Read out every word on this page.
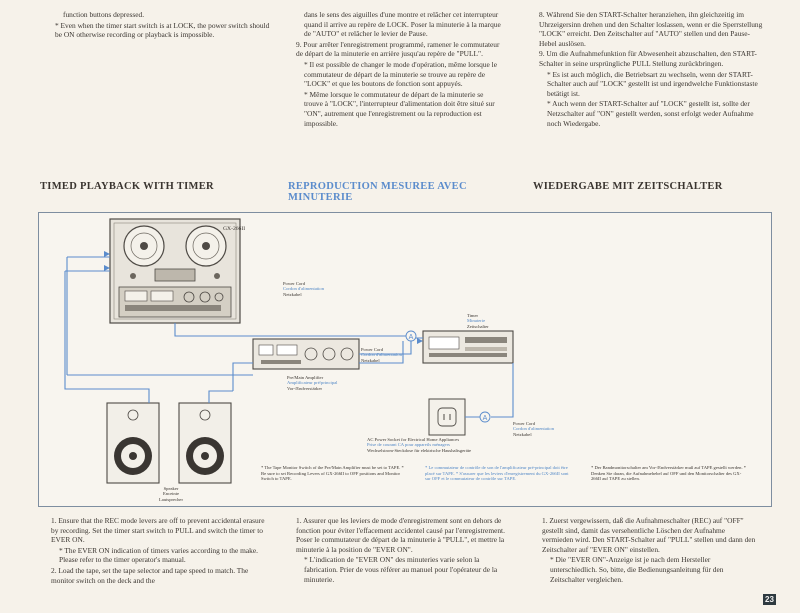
function buttons depressed.

* Even when the timer start switch is at LOCK, the power switch should be ON otherwise recording or playback is impossible.

dans le sens des aiguilles d'une montre et relâcher cet interrupteur quand il arrive au repère de LOCK. Poser la minuterie à la marque de "AUTO" et relâcher le levier de Pause.

9. Pour arrêter l'enregistrement programmé, ramener le commutateur de départ de la minuterie en arrière jusqu'au repère de "PULL".

* Il est possible de changer le mode d'opération, même lorsque le commutateur de départ de la minuterie se trouve au repère de "LOCK" et que les boutons de fonction sont appuyés.

* Même lorsque le commutateur de départ de la minuterie se trouve à "LOCK", l'interrupteur d'alimentation doit être situé sur "ON", autrement que l'enregistrement ou la reproduction est impossible.

8. Während Sie den START-Schalter heranziehen, ihn gleichzeitig im Uhrzeigersinn drehen und den Schalter loslassen, wenn er die Sperrstellung "LOCK" erreicht. Den Zeitschalter auf "AUTO" stellen und den Pause-Hebel auslösen.

9. Um die Aufnahmefunktion für Abwesenheit abzuschalten, den START-Schalter in seine ursprüngliche PULL Stellung zurückbringen.

* Es ist auch möglich, die Betriebsart zu wechseln, wenn der START-Schalter auch auf "LOCK" gestellt ist und irgendwelche Funktionstaste betätigt ist.

* Auch wenn der START-Schalter auf "LOCK" gestellt ist, sollte der Netzschalter auf "ON" gestellt werden, sonst erfolgt weder Aufnahme noch Wiedergabe.

TIMED PLAYBACK WITH TIMER	REPRODUCTION MESUREE AVEC
MINUTERIE
WIEDERGABE MIT ZEITSCHALTER
A
A
GX-266II
Power Cord
Cordon d'alimentation
Netzkabel
Timer
Minuterie
Zeitschalter
Power Cord
Cordon d'alimentation
Netzkabel
Pre/Main Amplifier
Amplificateur pré/principal
Vor-/Endverstärker
Power Cord
Cordon d'alimentation
Netzkabel
AC Power Socket for Electrical Home Appliances
Prise de courant CA pour appareils ménagers
Wechselstrom-Steckdose für elektrische Haushaltsgeräte
Speaker
Enceinte
Lautsprecher
* The Tape Monitor Switch of the Pre/Main Amplifier must be set to TAPE. * Be sure to set Recording Levers of GX-266II to OFF positions and Monitor Switch to TAPE.
* Le commutateur de contrôle de son de l'amplificateur pré-principal doit être placé sur TAPE. * S'assurer que les leviers d'enregistrement du GX-266II sont sur OFF et le commutateur de contrôle sur TAPE.
* Der Bandmonitorschalter am Vor-/Endverstärker muß auf TAPE gestellt werden. * Denken Sie daran, die Aufnahmehebel auf OFF und den Monitorschalter des GX-266II auf TAPE zu stellen.

1. Ensure that the REC mode levers are off to prevent accidental erasure by recording. Set the timer start switch to PULL and switch the timer to EVER ON.

* The EVER ON indication of timers varies according to the make. Please refer to the timer operator's manual.

2. Load the tape, set the tape selector and tape speed to match. The monitor switch on the deck and the

1. Assurer que les leviers de mode d'enregistrement sont en dehors de fonction pour éviter l'effacement accidentel causé par l'enregistrement. Poser le commutateur de départ de la minuterie à "PULL", et mettre la minuterie à la position de "EVER ON".

* L'indication de "EVER ON" des minuteries varie selon la fabrication. Prier de vous référer au manuel pour l'opérateur de la minuterie.

1. Zuerst vergewissern, daß die Aufnahmeschalter (REC) auf "OFF" gestellt sind, damit das versehentliche Löschen der Aufnahme vermieden wird. Den START-Schalter auf "PULL" stellen und dann den Zeitschalter auf "EVER ON" einstellen.

* Die "EVER ON"-Anzeige ist je nach dem Hersteller unterschiedlich. So, bitte, die Bedienungsanleitung für den Zeitschalter vergleichen.

23
